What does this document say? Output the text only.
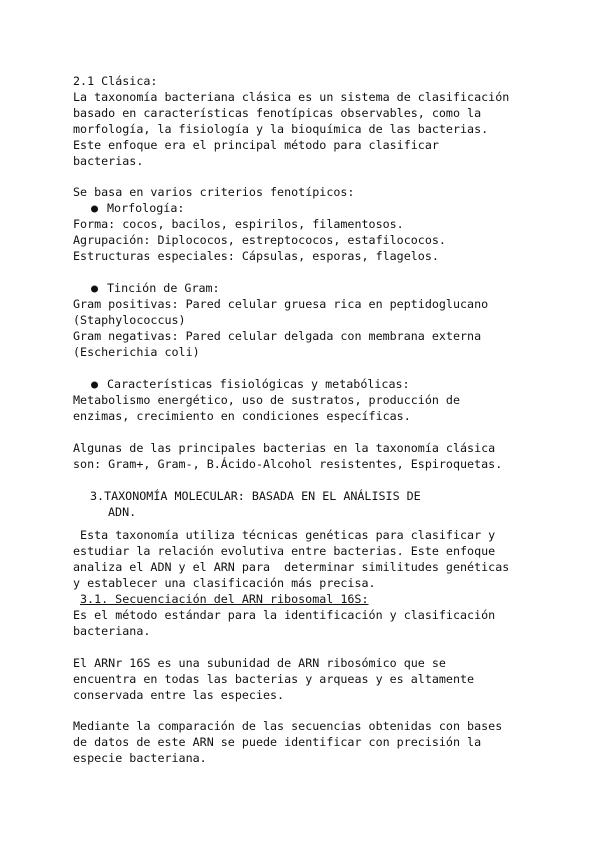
2.1 Clásica:
La taxonomía bacteriana clásica es un sistema de clasificación
basado en características fenotípicas observables, como la
morfología, la fisiología y la bioquímica de las bacterias.
Este enfoque era el principal método para clasificar
bacterias.
Se basa en varios criterios fenotípicos:
● Morfología:
Forma: cocos, bacilos, espirilos, filamentosos.
Agrupación: Diplococos, estreptococos, estafilococos.
Estructuras especiales: Cápsulas, esporas, flagelos.
● Tinción de Gram:
Gram positivas: Pared celular gruesa rica en peptidoglucano
(Staphylococcus)
Gram negativas: Pared celular delgada con membrana externa
(Escherichia coli)
● Características fisiológicas y metabólicas:
Metabolismo energético, uso de sustratos, producción de
enzimas, crecimiento en condiciones específicas.
Algunas de las principales bacterias en la taxonomía clásica
son: Gram+, Gram-, B.Ácido-Alcohol resistentes, Espiroquetas.
3.TAXONOMÍA MOLECULAR: BASADA EN EL ANÁLISIS DE
ADN.
Esta taxonomía utiliza técnicas genéticas para clasificar y
estudiar la relación evolutiva entre bacterias. Este enfoque
analiza el ADN y el ARN para  determinar similitudes genéticas
y establecer una clasificación más precisa.
3.1. Secuenciación del ARN ribosomal 16S:
Es el método estándar para la identificación y clasificación
bacteriana.
El ARNr 16S es una subunidad de ARN ribosómico que se
encuentra en todas las bacterias y arqueas y es altamente
conservada entre las especies.
Mediante la comparación de las secuencias obtenidas con bases
de datos de este ARN se puede identificar con precisión la
especie bacteriana.
